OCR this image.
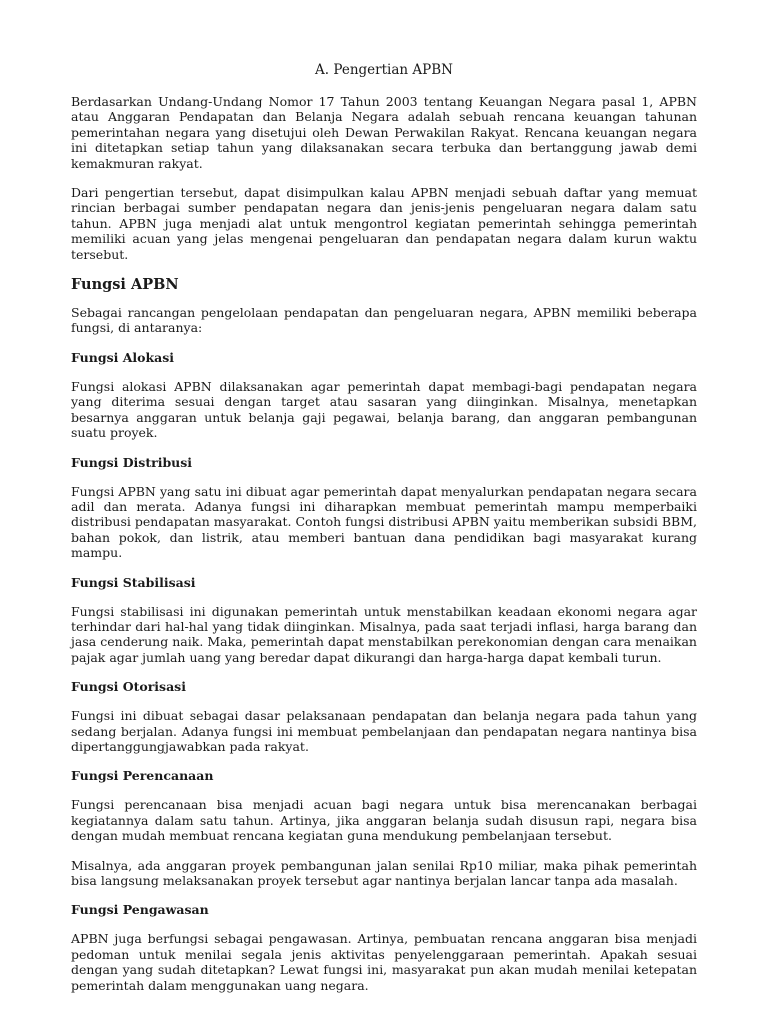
A. Pengertian APBN

Berdasarkan Undang-Undang Nomor 17 Tahun 2003 tentang Keuangan Negara pasal 1, APBN atau Anggaran Pendapatan dan Belanja Negara adalah sebuah rencana keuangan tahunan pemerintahan negara yang disetujui oleh Dewan Perwakilan Rakyat. Rencana keuangan negara ini ditetapkan setiap tahun yang dilaksanakan secara terbuka dan bertanggung jawab demi kemakmuran rakyat.

Dari pengertian tersebut, dapat disimpulkan kalau APBN menjadi sebuah daftar yang memuat rincian berbagai sumber pendapatan negara dan jenis-jenis pengeluaran negara dalam satu tahun. APBN juga menjadi alat untuk mengontrol kegiatan pemerintah sehingga pemerintah memiliki acuan yang jelas mengenai pengeluaran dan pendapatan negara dalam kurun waktu tersebut.

Fungsi APBN

Sebagai rancangan pengelolaan pendapatan dan pengeluaran negara, APBN memiliki beberapa fungsi, di antaranya:

Fungsi Alokasi

Fungsi alokasi APBN dilaksanakan agar pemerintah dapat membagi-bagi pendapatan negara yang diterima sesuai dengan target atau sasaran yang diinginkan. Misalnya, menetapkan besarnya anggaran untuk belanja gaji pegawai, belanja barang, dan anggaran pembangunan suatu proyek.

Fungsi Distribusi

Fungsi APBN yang satu ini dibuat agar pemerintah dapat menyalurkan pendapatan negara secara adil dan merata. Adanya fungsi ini diharapkan membuat pemerintah mampu memperbaiki distribusi pendapatan masyarakat. Contoh fungsi distribusi APBN yaitu memberikan subsidi BBM, bahan pokok, dan listrik, atau memberi bantuan dana pendidikan bagi masyarakat kurang mampu.

Fungsi Stabilisasi

Fungsi stabilisasi ini digunakan pemerintah untuk menstabilkan keadaan ekonomi negara agar terhindar dari hal-hal yang tidak diinginkan. Misalnya, pada saat terjadi inflasi, harga barang dan jasa cenderung naik. Maka, pemerintah dapat menstabilkan perekonomian dengan cara menaikan pajak agar jumlah uang yang beredar dapat dikurangi dan harga-harga dapat kembali turun.

Fungsi Otorisasi

Fungsi ini dibuat sebagai dasar pelaksanaan pendapatan dan belanja negara pada tahun yang sedang berjalan. Adanya fungsi ini membuat pembelanjaan dan pendapatan negara nantinya bisa dipertanggungjawabkan pada rakyat.

Fungsi Perencanaan

Fungsi perencanaan bisa menjadi acuan bagi negara untuk bisa merencanakan berbagai kegiatannya dalam satu tahun. Artinya, jika anggaran belanja sudah disusun rapi, negara bisa dengan mudah membuat rencana kegiatan guna mendukung pembelanjaan tersebut.

Misalnya, ada anggaran proyek pembangunan jalan senilai Rp10 miliar, maka pihak pemerintah bisa langsung melaksanakan proyek tersebut agar nantinya berjalan lancar tanpa ada masalah.

Fungsi Pengawasan

APBN juga berfungsi sebagai pengawasan. Artinya, pembuatan rencana anggaran bisa menjadi pedoman untuk menilai segala jenis aktivitas penyelenggaraan pemerintah. Apakah sesuai dengan yang sudah ditetapkan? Lewat fungsi ini, masyarakat pun akan mudah menilai ketepatan pemerintah dalam menggunakan uang negara.
